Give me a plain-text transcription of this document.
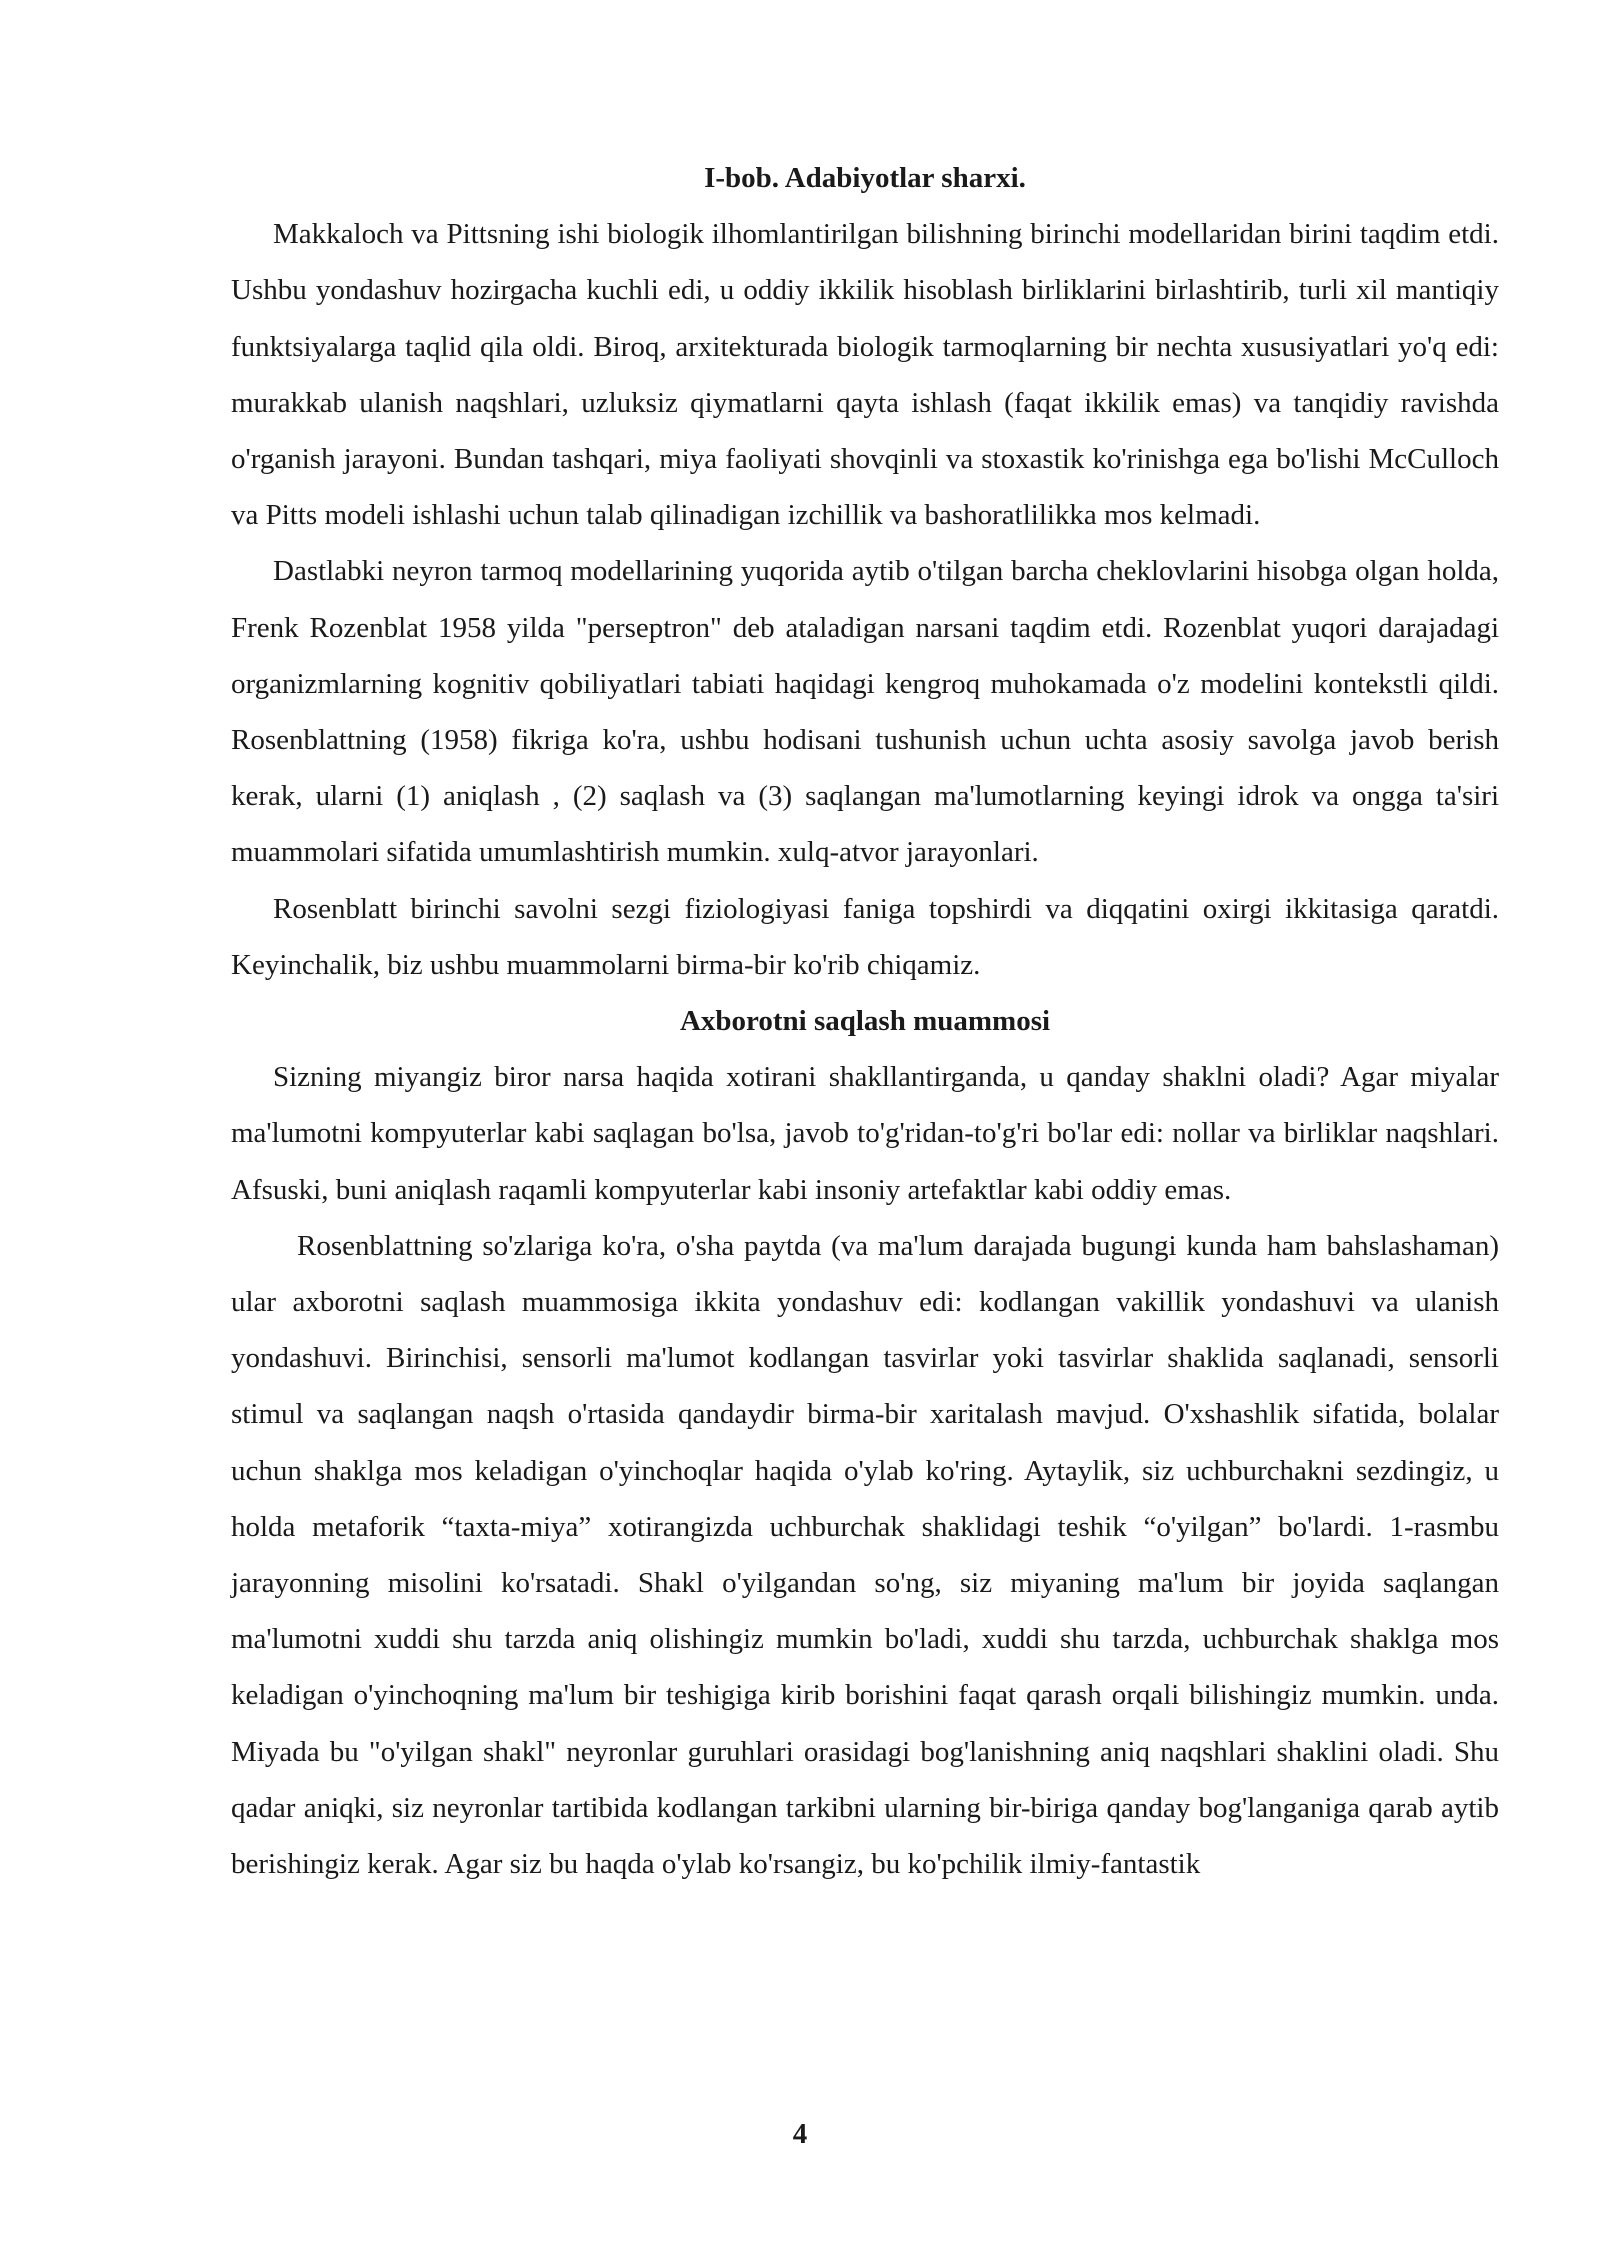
I-bob. Adabiyotlar sharxi.

Makkaloch va Pittsning ishi biologik ilhomlantirilgan bilishning birinchi modellaridan birini taqdim etdi. Ushbu yondashuv hozirgacha kuchli edi, u oddiy ikkilik hisoblash birliklarini birlashtirib, turli xil mantiqiy funktsiyalarga taqlid qila oldi. Biroq, arxitekturada biologik tarmoqlarning bir nechta xususiyatlari yo'q edi: murakkab ulanish naqshlari, uzluksiz qiymatlarni qayta ishlash (faqat ikkilik emas) va tanqidiy ravishda o'rganish jarayoni. Bundan tashqari, miya faoliyati shovqinli va stoxastik ko'rinishga ega bo'lishi McCulloch va Pitts modeli ishlashi uchun talab qilinadigan izchillik va bashoratlilikka mos kelmadi.

Dastlabki neyron tarmoq modellarining yuqorida aytib o'tilgan barcha cheklovlarini hisobga olgan holda, Frenk Rozenblat 1958 yilda "perseptron" deb ataladigan narsani taqdim etdi. Rozenblat yuqori darajadagi organizmlarning kognitiv qobiliyatlari tabiati haqidagi kengroq muhokamada o'z modelini kontekstli qildi. Rosenblattning (1958) fikriga ko'ra, ushbu hodisani tushunish uchun uchta asosiy savolga javob berish kerak, ularni (1) aniqlash , (2) saqlash va (3) saqlangan ma'lumotlarning keyingi idrok va ongga ta'siri muammolari sifatida umumlashtirish mumkin. xulq-atvor jarayonlari.

Rosenblatt birinchi savolni sezgi fiziologiyasi faniga topshirdi va diqqatini oxirgi ikkitasiga qaratdi. Keyinchalik, biz ushbu muammolarni birma-bir ko'rib chiqamiz.

Axborotni saqlash muammosi

Sizning miyangiz biror narsa haqida xotirani shakllantirganda, u qanday shaklni oladi? Agar miyalar ma'lumotni kompyuterlar kabi saqlagan bo'lsa, javob to'g'ridan-to'g'ri bo'lar edi: nollar va birliklar naqshlari. Afsuski, buni aniqlash raqamli kompyuterlar kabi insoniy artefaktlar kabi oddiy emas.

Rosenblattning so'zlariga ko'ra, o'sha paytda (va ma'lum darajada bugungi kunda ham bahslashaman) ular axborotni saqlash muammosiga ikkita yondashuv edi: kodlangan vakillik yondashuvi va ulanish yondashuvi. Birinchisi, sensorli ma'lumot kodlangan tasvirlar yoki tasvirlar shaklida saqlanadi, sensorli stimul va saqlangan naqsh o'rtasida qandaydir birma-bir xaritalash mavjud. O'xshashlik sifatida, bolalar uchun shaklga mos keladigan o'yinchoqlar haqida o'ylab ko'ring. Aytaylik, siz uchburchakni sezdingiz, u holda metaforik “taxta-miya” xotirangizda uchburchak shaklidagi teshik “o'yilgan” bo'lardi. 1-rasmbu jarayonning misolini ko'rsatadi. Shakl o'yilgandan so'ng, siz miyaning ma'lum bir joyida saqlangan ma'lumotni xuddi shu tarzda aniq olishingiz mumkin bo'ladi, xuddi shu tarzda, uchburchak shaklga mos keladigan o'yinchoqning ma'lum bir teshigiga kirib borishini faqat qarash orqali bilishingiz mumkin. unda. Miyada bu "o'yilgan shakl" neyronlar guruhlari orasidagi bog'lanishning aniq naqshlari shaklini oladi. Shu qadar aniqki, siz neyronlar tartibida kodlangan tarkibni ularning bir-biriga qanday bog'langaniga qarab aytib berishingiz kerak. Agar siz bu haqda o'ylab ko'rsangiz, bu ko'pchilik ilmiy-fantastik

4
